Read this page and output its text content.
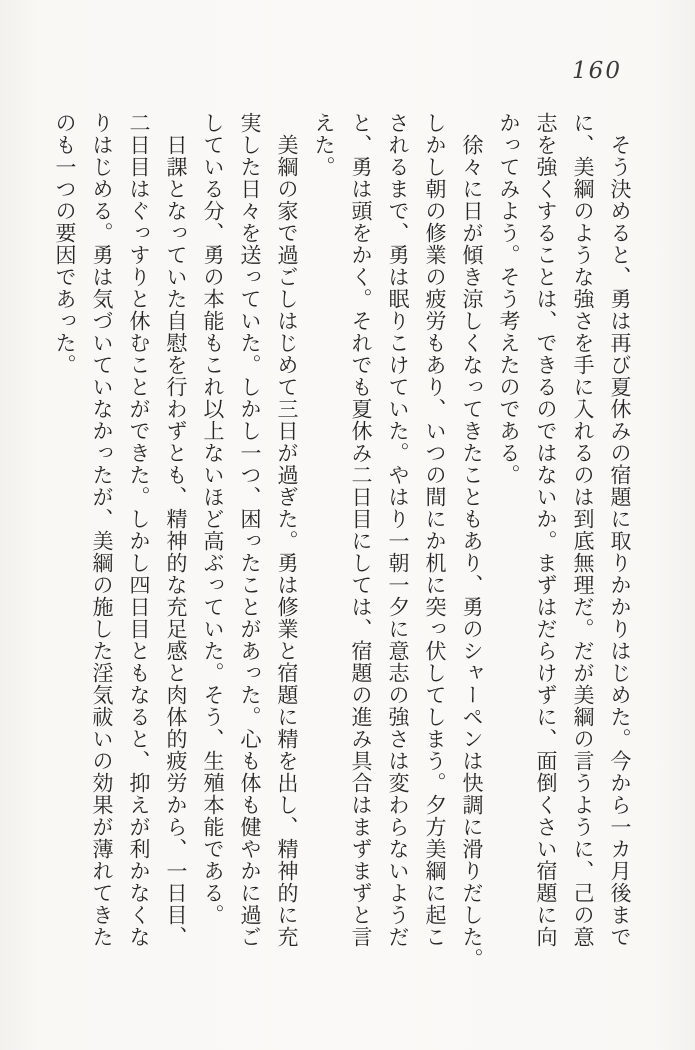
160

　そう決めると、勇は再び夏休みの宿題に取りかかりはじめた。今から一カ月後まで

に、美綱のような強さを手に入れるのは到底無理だ。だが美綱の言うように、己の意

志を強くすることは、できるのではないか。まずはだらけずに、面倒くさい宿題に向

かってみよう。そう考えたのである。

　徐々に日が傾き涼しくなってきたこともあり、勇のシャーペンは快調に滑りだした。

しかし朝の修業の疲労もあり、いつの間にか机に突っ伏してしまう。夕方美綱に起こ

されるまで、勇は眠りこけていた。やはり一朝一夕に意志の強さは変わらないようだ

と、勇は頭をかく。それでも夏休み二日目にしては、宿題の進み具合はまずまずと言

えた。

　美綱の家で過ごしはじめて三日が過ぎた。勇は修業と宿題に精を出し、精神的に充

実した日々を送っていた。しかし一つ、困ったことがあった。心も体も健やかに過ご

している分、勇の本能もこれ以上ないほど高ぶっていた。そう、生殖本能である。

　日課となっていた自慰を行わずとも、精神的な充足感と肉体的疲労から、一日目、

二日目はぐっすりと休むことができた。しかし四日目ともなると、抑えが利かなくな

りはじめる。勇は気づいていなかったが、美綱の施した淫気祓いの効果が薄れてきた

のも一つの要因であった。
